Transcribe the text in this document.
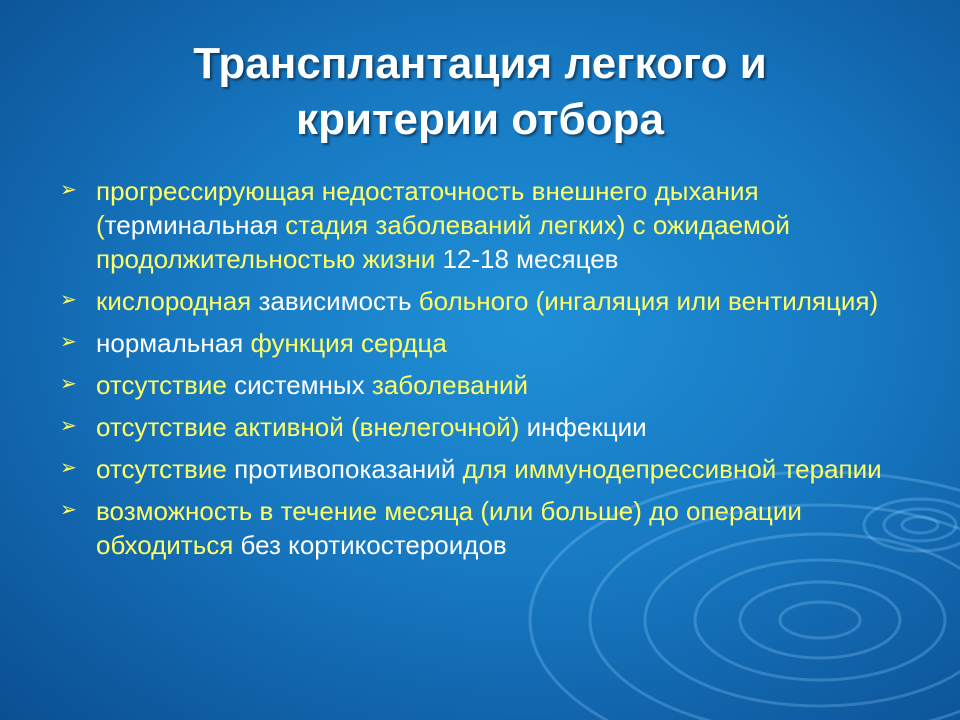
Трансплантация легкого и
критерии отбора
➢ прогрессирующая недостаточность внешнего дыхания (терминальная стадия заболеваний легких) с ожидаемой продолжительностью жизни 12-18 месяцев
➢ кислородная зависимость больного (ингаляция или вентиляция)
➢ нормальная функция сердца
➢ отсутствие системных заболеваний
➢ отсутствие активной (внелегочной) инфекции
➢ отсутствие противопоказаний для иммунодепрессивной терапии
➢ возможность в течение месяца (или больше) до операции обходиться без кортикостероидов
